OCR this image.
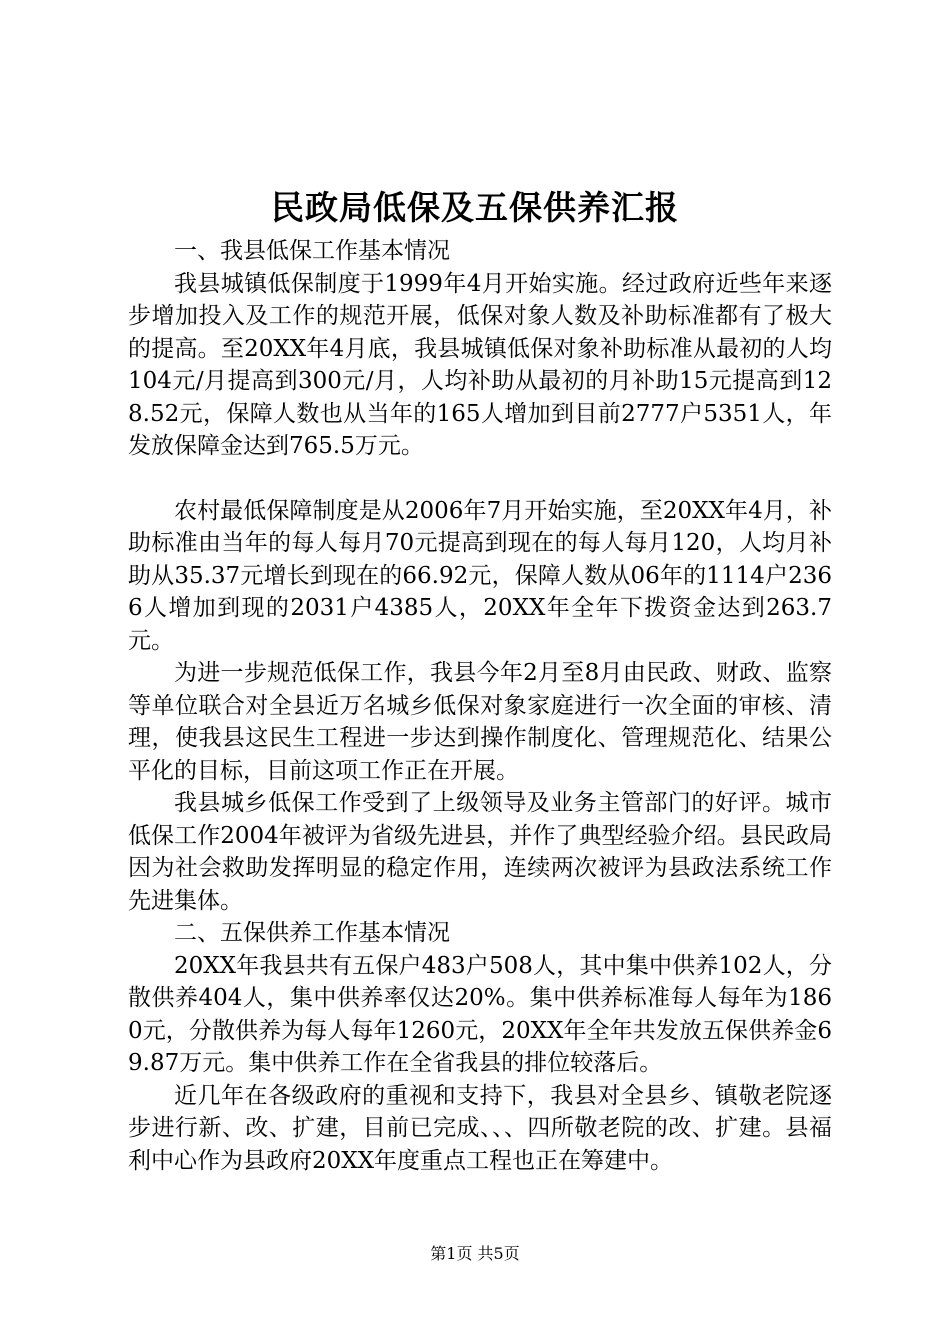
民政局低保及五保供养汇报

一、我县低保工作基本情况

我县城镇低保制度于1999年4月开始实施。经过政府近些年来逐步增加投入及工作的规范开展，低保对象人数及补助标准都有了极大的提高。至20XX年4月底，我县城镇低保对象补助标准从最初的人均104元/月提高到300元/月，人均补助从最初的月补助15元提高到128.52元，保障人数也从当年的165人增加到目前2777户5351人，年发放保障金达到765.5万元。

农村最低保障制度是从2006年7月开始实施，至20XX年4月，补助标准由当年的每人每月70元提高到现在的每人每月120，人均月补助从35.37元增长到现在的66.92元，保障人数从06年的1114户2366人增加到现的2031户4385人，20XX年全年下拨资金达到263.7元。

为进一步规范低保工作，我县今年2月至8月由民政、财政、监察等单位联合对全县近万名城乡低保对象家庭进行一次全面的审核、清理，使我县这民生工程进一步达到操作制度化、管理规范化、结果公平化的目标，目前这项工作正在开展。

我县城乡低保工作受到了上级领导及业务主管部门的好评。城市低保工作2004年被评为省级先进县，并作了典型经验介绍。县民政局因为社会救助发挥明显的稳定作用，连续两次被评为县政法系统工作先进集体。

二、五保供养工作基本情况

20XX年我县共有五保户483户508人，其中集中供养102人，分散供养404人，集中供养率仅达20%。集中供养标准每人每年为1860元，分散供养为每人每年1260元，20XX年全年共发放五保供养金69.87万元。集中供养工作在全省我县的排位较落后。

近几年在各级政府的重视和支持下，我县对全县乡、镇敬老院逐步进行新、改、扩建，目前已完成、、、四所敬老院的改、扩建。县福利中心作为县政府20XX年度重点工程也正在筹建中。

第1页 共5页
